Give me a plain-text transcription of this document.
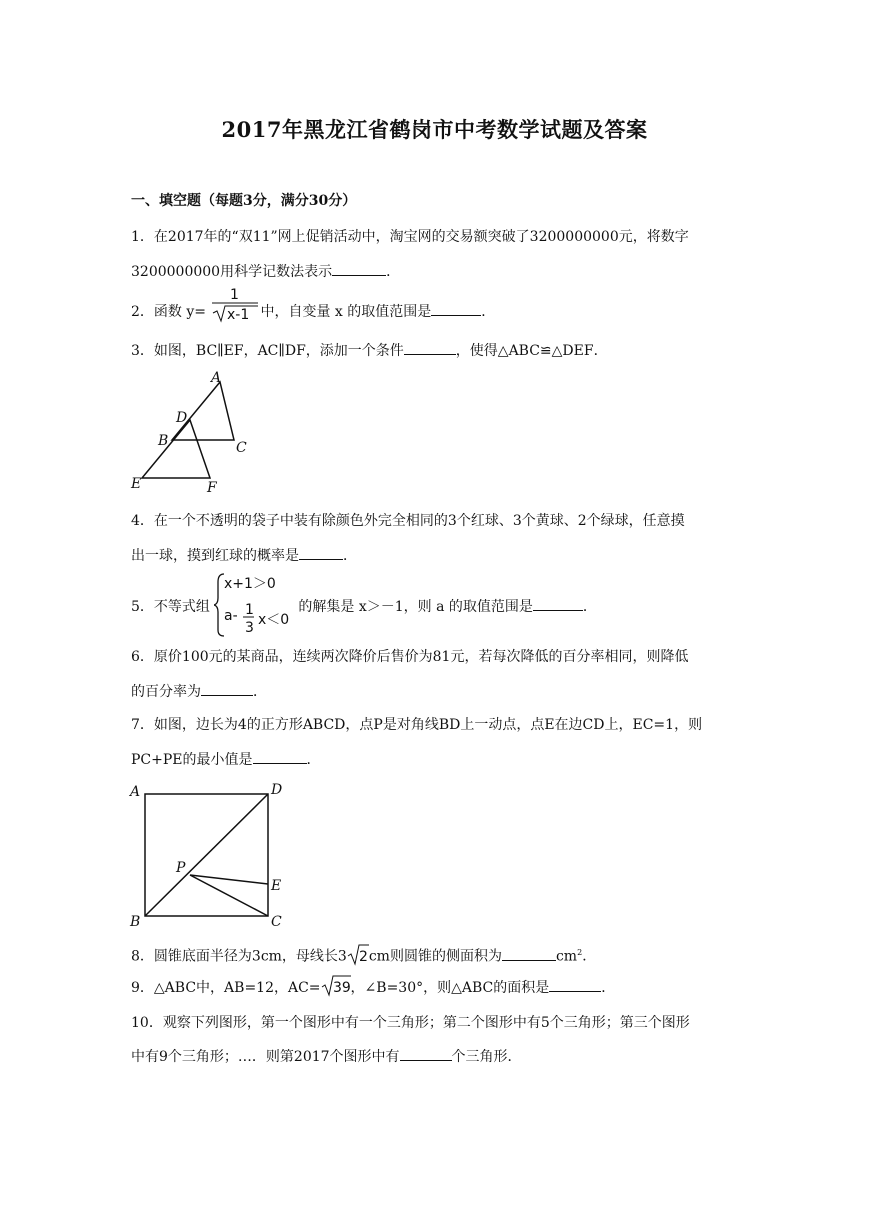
2017年黑龙江省鹤岗市中考数学试题及答案
一、填空题（每题3分，满分30分）
1．在2017年的“双11”网上促销活动中，淘宝网的交易额突破了3200000000元，将数字
3200000000用科学记数法表示	．
2．函数 y=
1
x-1 中，自变量 x 的取值范围是	．
3．如图，BC∥EF，AC∥DF，添加一个条件	，使得△ABC≌△DEF．
A
D
B	C
E	F
4．在一个不透明的袋子中装有除颜色外完全相同的3个红球、3个黄球、2个绿球，任意摸
出一球，摸到红球的概率是	．
5．不等式组
x+1＞0
a- 1
3 x＜0
的解集是 x＞－1，则 a 的取值范围是	．
6．原价100元的某商品，连续两次降价后售价为81元，若每次降低的百分率相同，则降低
的百分率为	．
7．如图，边长为4的正方形ABCD，点P是对角线BD上一动点，点E在边CD上，EC=1，则
PC+PE的最小值是	．
A	D
P
E
B	C
8．圆锥底面半径为3cm，母线长3 2 cm则圆锥的侧面积为	$cm^2$．
9．△ABC中，AB=12，AC= 39 ，∠B=30°，则△ABC的面积是	．
10．观察下列图形，第一个图形中有一个三角形；第二个图形中有5个三角形；第三个图形
中有9个三角形；…．则第2017个图形中有	个三角形．
